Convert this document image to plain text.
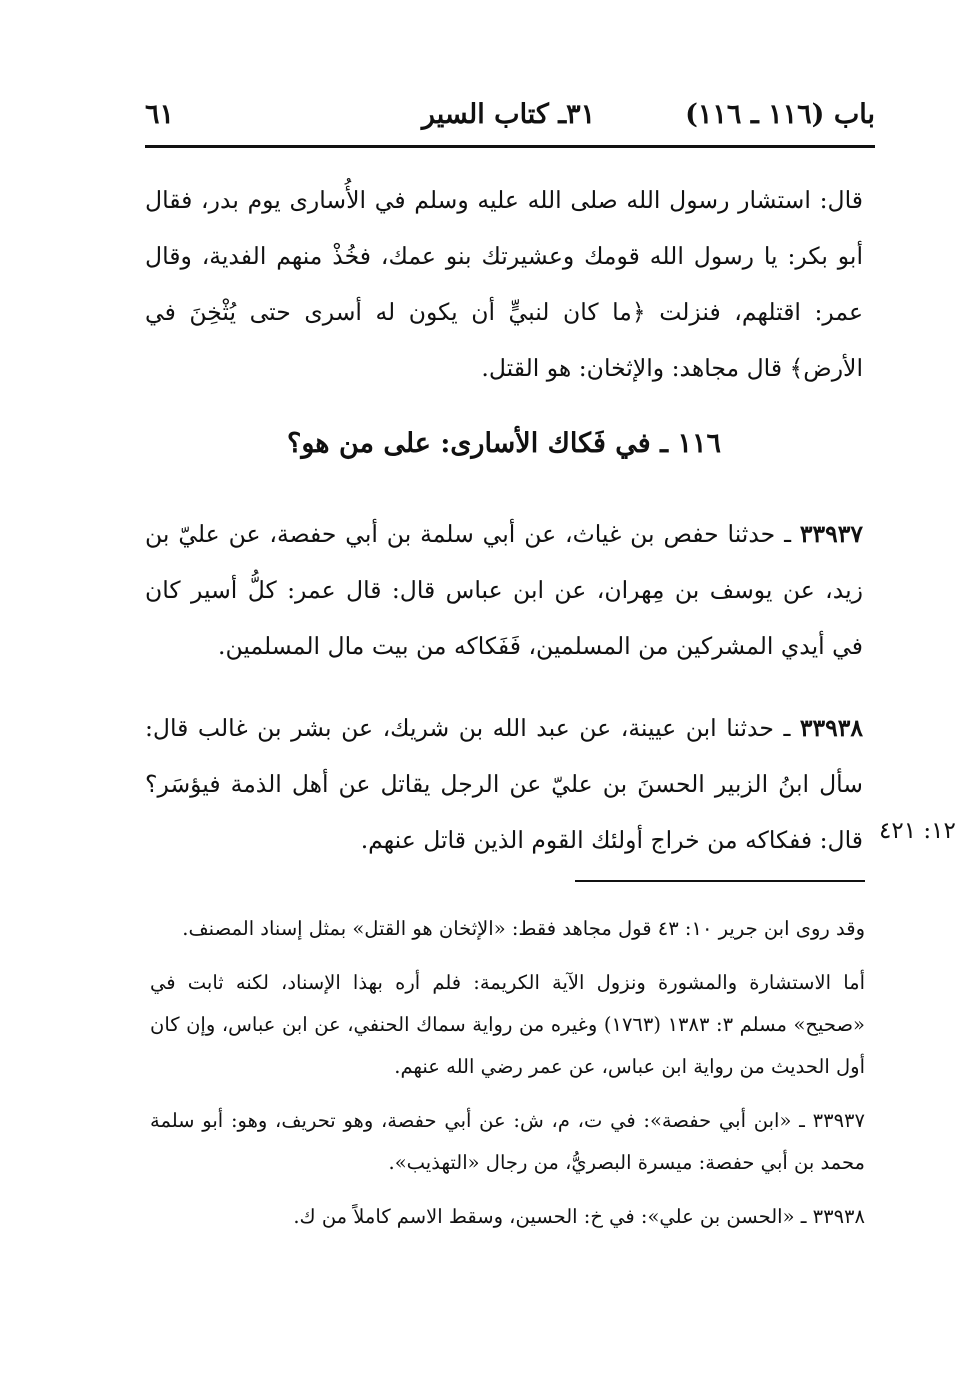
باب (١١٦ ـ ١١٦)
٣١ـ كتاب السير
٦١

قال: استشار رسول الله صلى الله عليه وسلم في الأُسارى يوم بدر، فقال أبو بكر: يا رسول الله قومك وعشيرتك بنو عمك، فخُذْ منهم الفدية، وقال عمر: اقتلهم، فنزلت ﴿ما كان لنبيٍّ أن يكون له أسرى حتى يُثْخِنَ في الأرض﴾ قال مجاهد: والإثخان: هو القتل.

١١٦ ـ في فَكاك الأسارى: على من هو؟

٣٣٩٣٧ ـ حدثنا حفص بن غياث، عن أبي سلمة بن أبي حفصة، عن عليّ بن زيد، عن يوسف بن مِهران، عن ابن عباس قال: قال عمر: كلُّ أسير كان في أيدي المشركين من المسلمين، فَفَكاكه من بيت مال المسلمين.

٣٣٩٣٨ ـ حدثنا ابن عيينة، عن عبد الله بن شريك، عن بشر بن غالب قال: سأل ابنُ الزبير الحسنَ بن عليّ عن الرجل يقاتل عن أهل الذمة فيؤسَر؟ قال: ففكاكه من خراج أولئك القوم الذين قاتل عنهم. ١٢: ٤٢١

وقد روى ابن جرير ١٠: ٤٣ قول مجاهد فقط: «الإثخان هو القتل» بمثل إسناد المصنف.

أما الاستشارة والمشورة ونزول الآية الكريمة: فلم أره بهذا الإسناد، لكنه ثابت في «صحيح» مسلم ٣: ١٣٨٣ (١٧٦٣) وغيره من رواية سماك الحنفي، عن ابن عباس، وإن كان أول الحديث من رواية ابن عباس، عن عمر رضي الله عنهم.

٣٣٩٣٧ ـ «ابن أبي حفصة»: في ت، م، ش: عن أبي حفصة، وهو تحريف، وهو: أبو سلمة محمد بن أبي حفصة: ميسرة البصريُّ، من رجال «التهذيب».

٣٣٩٣٨ ـ «الحسن بن علي»: في خ: الحسين، وسقط الاسم كاملاً من ك.
